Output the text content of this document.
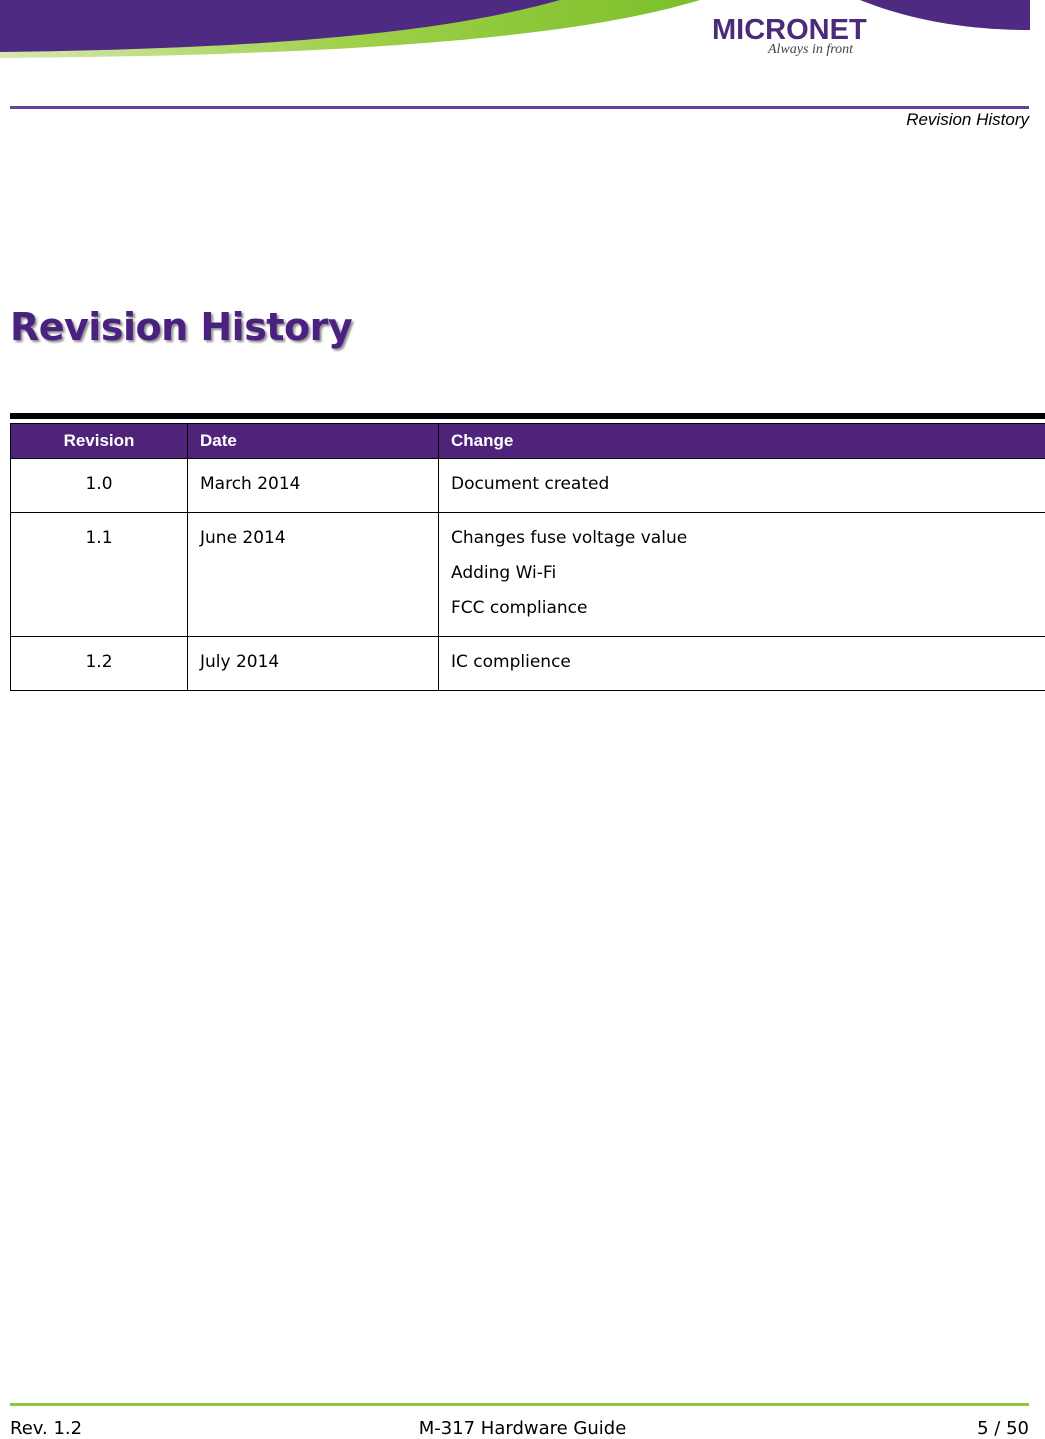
MICRONET
Always in front
Revision History
Revision History
Revision	Date	Change
1.0	March 2014	Document created

1.1	June 2014	Changes fuse voltage value
Adding Wi-Fi
FCC compliance

1.2	July 2014	IC complience
Rev. 1.2	M-317 Hardware Guide	5 / 50
